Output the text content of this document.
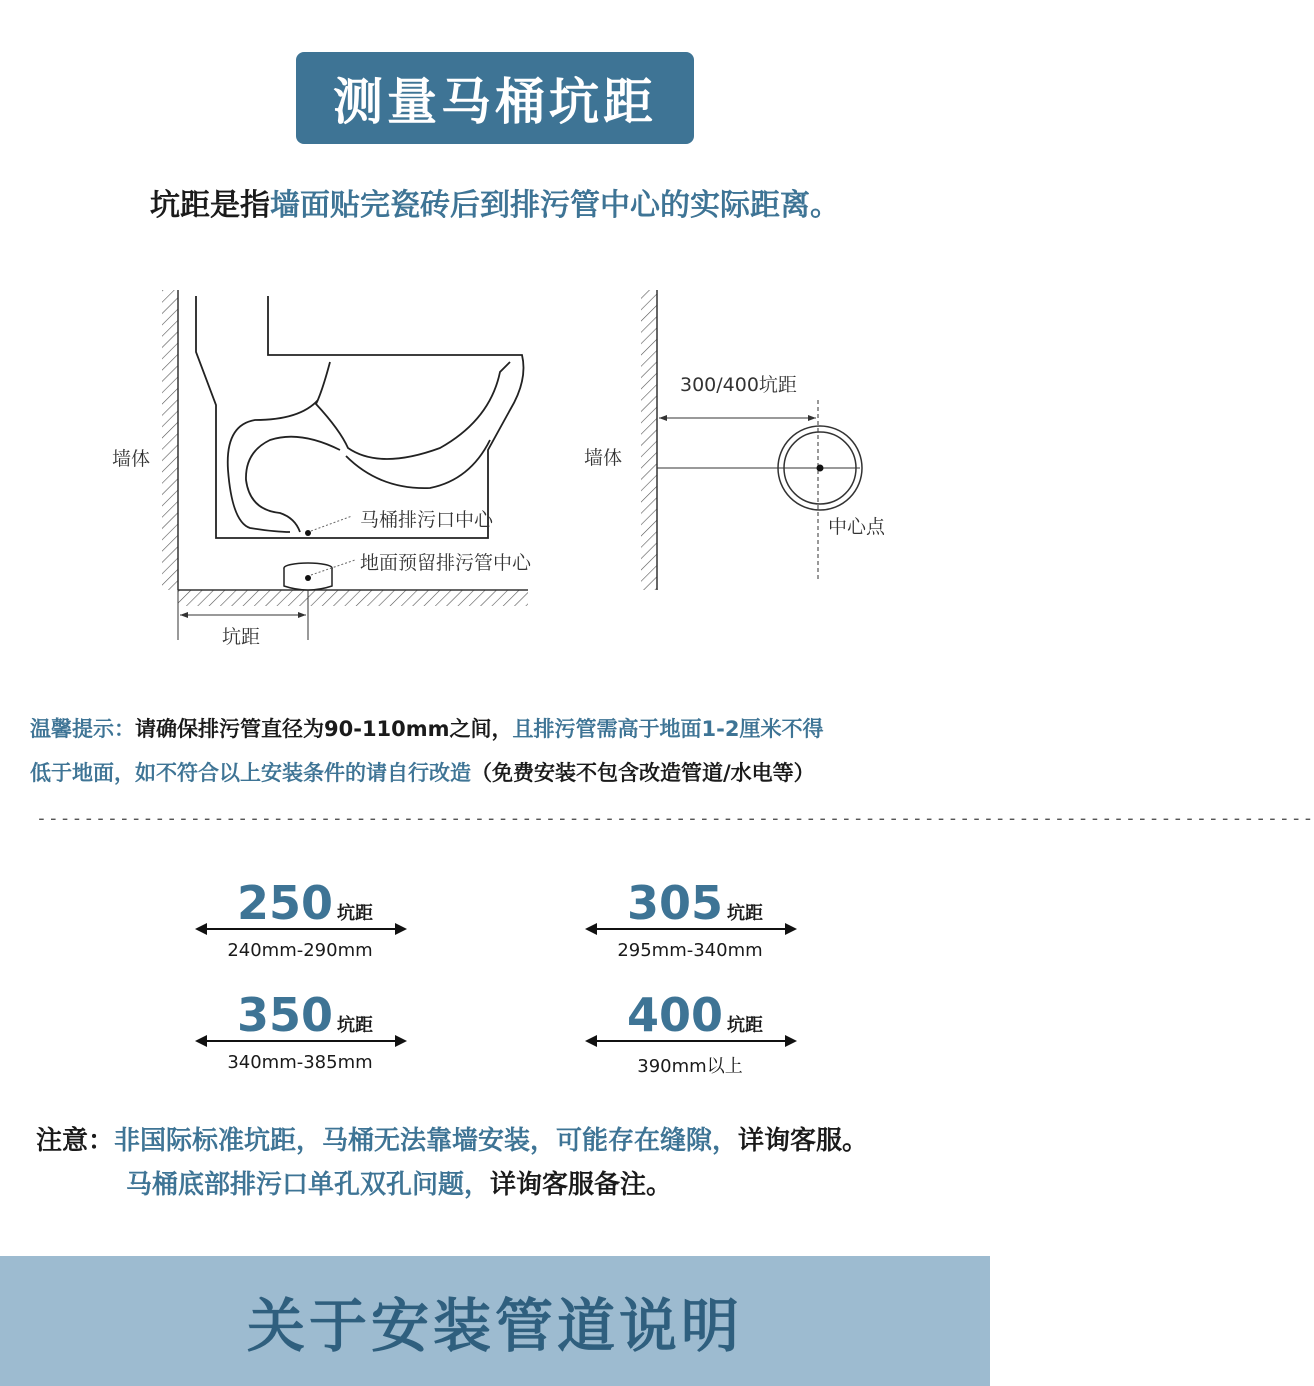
测量马桶坑距
坑距是指墙面贴完瓷砖后到排污管中心的实际距离。
墙体
马桶排污口中心
地面预留排污管中心
坑距
墙体
300/400坑距
中心点
温馨提示：请确保排污管直径为90-110mm之间，且排污管需高于地面1-2厘米不得
低于地面，如不符合以上安装条件的请自行改造（免费安装不包含改造管道/水电等）
------------------------------------------------------------------------------------------------------------
250 坑距
240mm-290mm
305 坑距
295mm-340mm
350 坑距
340mm-385mm
400 坑距
390mm以上
注意：非国际标准坑距，马桶无法靠墙安装，可能存在缝隙，详询客服。
马桶底部排污口单孔双孔问题，详询客服备注。
关于安装管道说明
